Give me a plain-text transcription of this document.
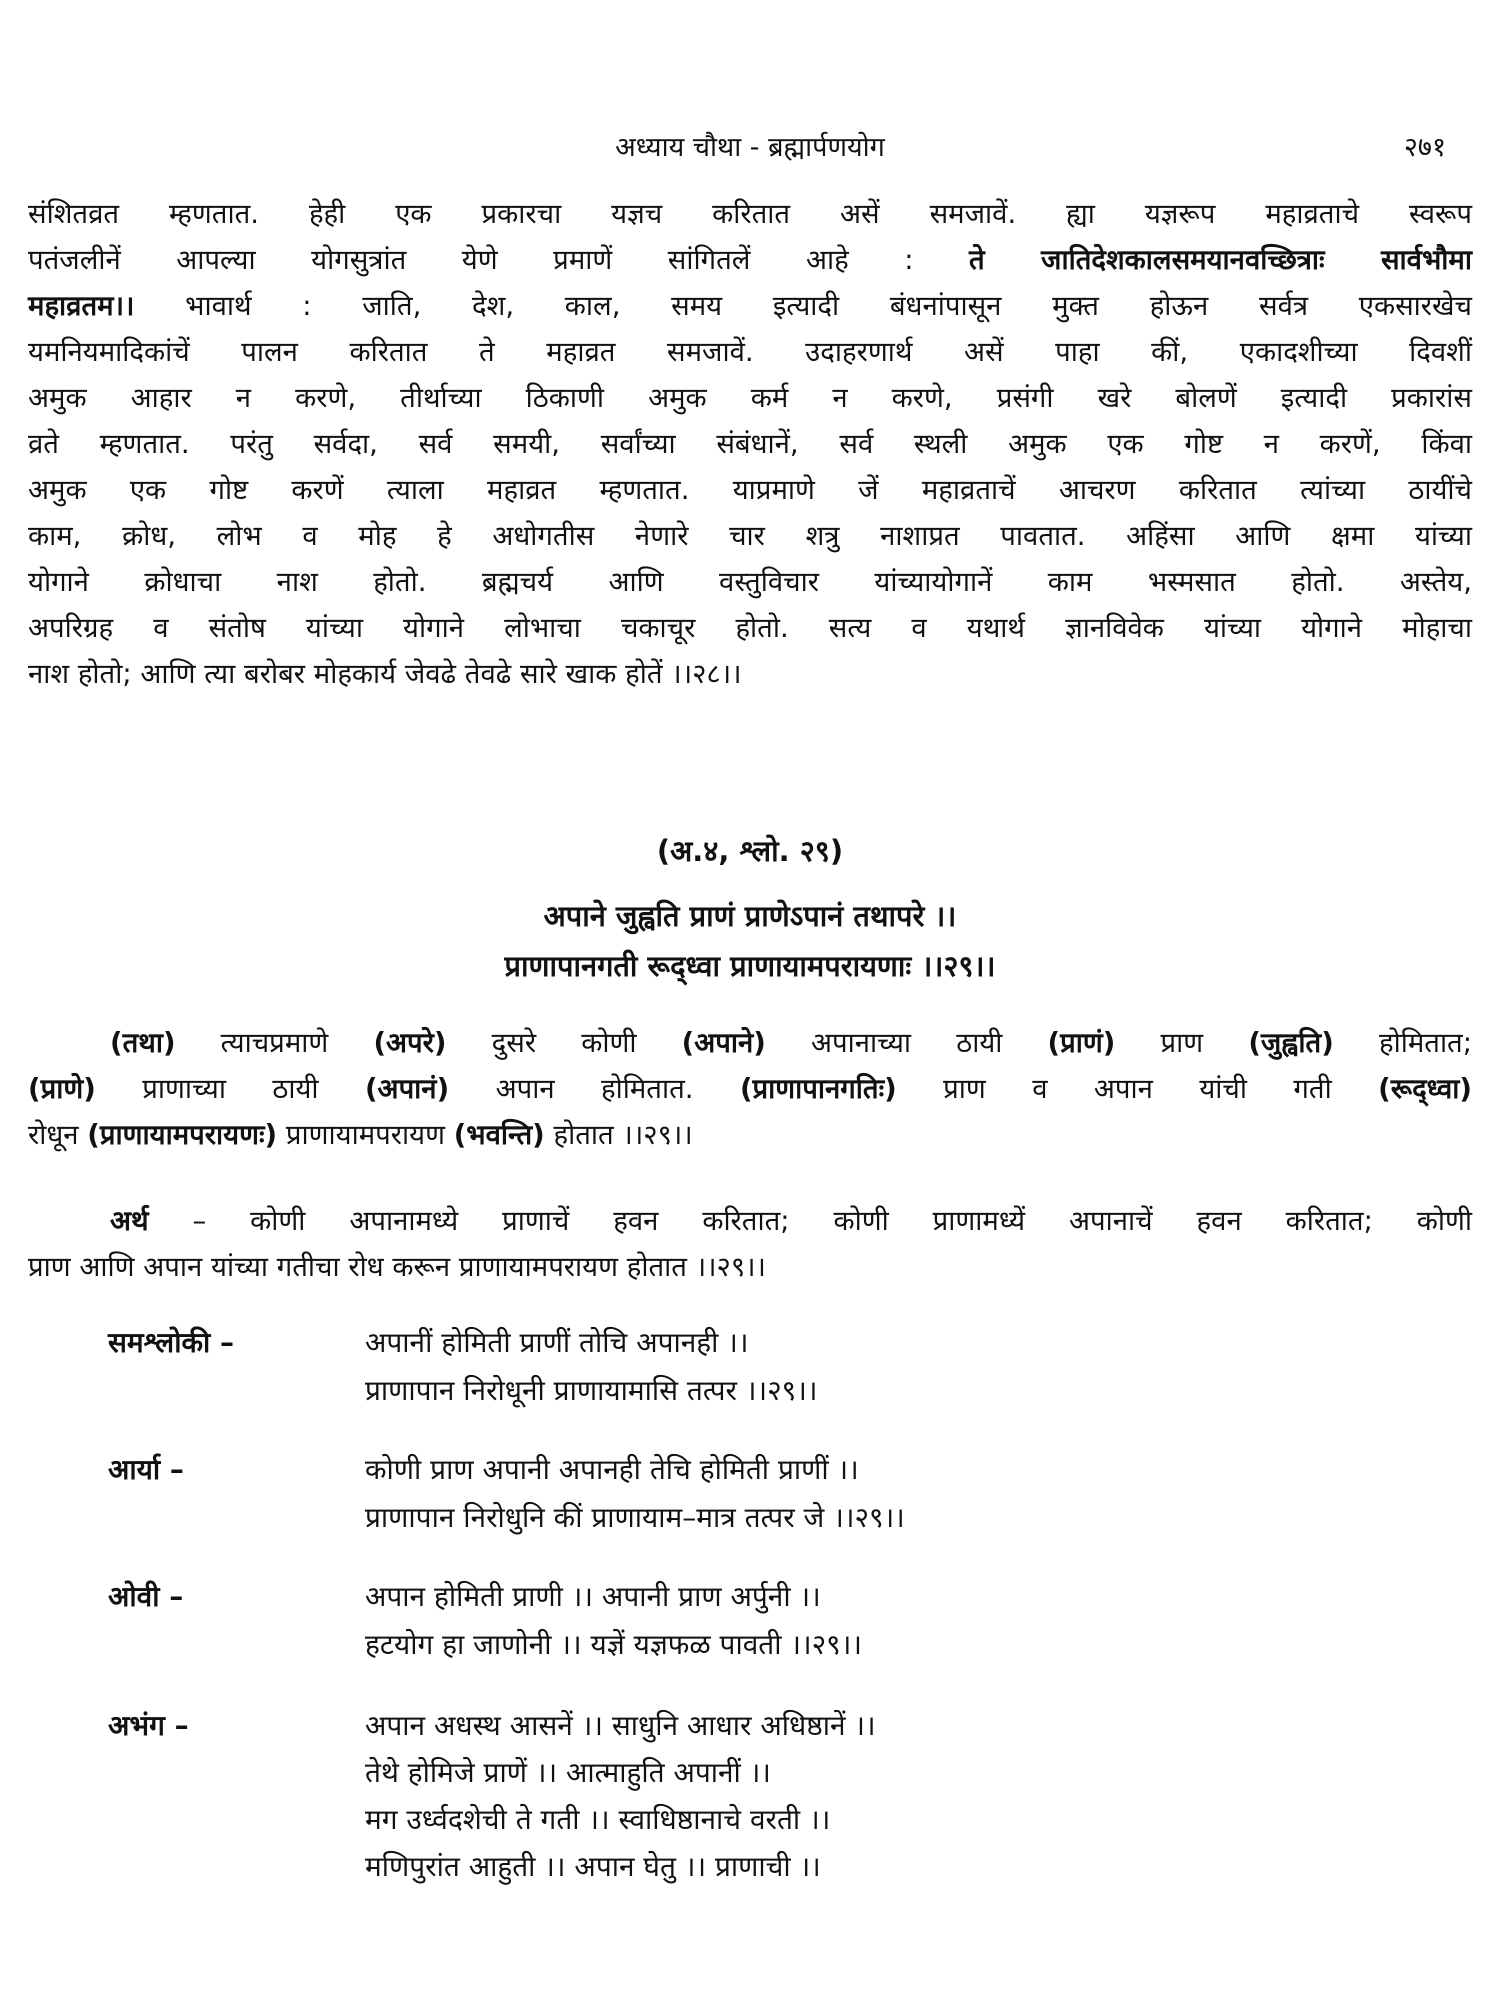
अध्याय चौथा - ब्रह्मार्पणयोग	२७१
संशितव्रत म्हणतात. हेही एक प्रकारचा यज्ञच करितात असें समजावें. ह्या यज्ञरूप महाव्रताचे स्वरूप
पतंजलीनें आपल्या योगसुत्रांत येणे प्रमाणें सांगितलें आहे : ते जातिदेशकालसमयानवच्छित्राः सार्वभौमा
महाव्रतम।। भावार्थ : जाति, देश, काल, समय इत्यादी बंधनांपासून मुक्त होऊन सर्वत्र एकसारखेच
यमनियमादिकांचें पालन करितात ते महाव्रत समजावें. उदाहरणार्थ असें पाहा कीं, एकादशीच्या दिवशीं
अमुक आहार न करणे, तीर्थाच्या ठिकाणी अमुक कर्म न करणे, प्रसंगी खरे बोलणें इत्यादी प्रकारांस
व्रते म्हणतात. परंतु सर्वदा, सर्व समयी, सर्वांच्या संबंधानें, सर्व स्थली अमुक एक गोष्ट न करणें, किंवा
अमुक एक गोष्ट करणें त्याला महाव्रत म्हणतात. याप्रमाणे जें महाव्रताचें आचरण करितात त्यांच्या ठायींचे
काम, क्रोध, लोभ व मोह हे अधोगतीस नेणारे चार शत्रु नाशाप्रत पावतात. अहिंसा आणि क्षमा यांच्या
योगाने क्रोधाचा नाश होतो. ब्रह्मचर्य आणि वस्तुविचार यांच्यायोगानें काम भस्मसात होतो. अस्तेय,
अपरिग्रह व संतोष यांच्या योगाने लोभाचा चकाचूर होतो. सत्य व यथार्थ ज्ञानविवेक यांच्या योगाने मोहाचा
नाश होतो; आणि त्या बरोबर मोहकार्य जेवढे तेवढे सारे खाक होतें ।।२८।।
(अ.४, श्लो. २९)
अपाने जुह्वति प्राणं प्राणेऽपानं तथापरे ।।
प्राणापानगती रूद्ध्वा प्राणायामपरायणाः ।।२९।।
(तथा) त्याचप्रमाणे (अपरे) दुसरे कोणी (अपाने) अपानाच्या ठायी (प्राणं) प्राण (जुह्वति) होमितात;
(प्राणे) प्राणाच्या ठायी (अपानं) अपान होमितात. (प्राणापानगतिः) प्राण व अपान यांची गती (रूद्ध्वा)
रोधून (प्राणायामपरायणः) प्राणायामपरायण (भवन्ति) होतात ।।२९।।
अर्थ – कोणी अपानामध्ये प्राणाचें हवन करितात; कोणी प्राणामध्यें अपानाचें हवन करितात; कोणी
प्राण आणि अपान यांच्या गतीचा रोध करून प्राणायामपरायण होतात ।।२९।।
समश्लोकी –	अपानीं होमिती प्राणीं तोचि अपानही ।।
प्राणापान निरोधूनी प्राणायामासि तत्पर ।।२९।।
आर्या –	कोणी प्राण अपानी अपानही तेचि होमिती प्राणीं ।।
प्राणापान निरोधुनि कीं प्राणायाम–मात्र तत्पर जे ।।२९।।
ओवी –	अपान होमिती प्राणी ।। अपानी प्राण अर्पुनी ।।
हटयोग हा जाणोनी ।। यज्ञें यज्ञफळ पावती ।।२९।।
अभंग –	अपान अधस्थ आसनें ।। साधुनि आधार अधिष्ठानें ।।
तेथे होमिजे प्राणें ।। आत्माहुति अपानीं ।।
मग उर्ध्वदशेची ते गती ।। स्वाधिष्ठानाचे वरती ।।
मणिपुरांत आहुती ।। अपान घेतु ।। प्राणाची ।।
